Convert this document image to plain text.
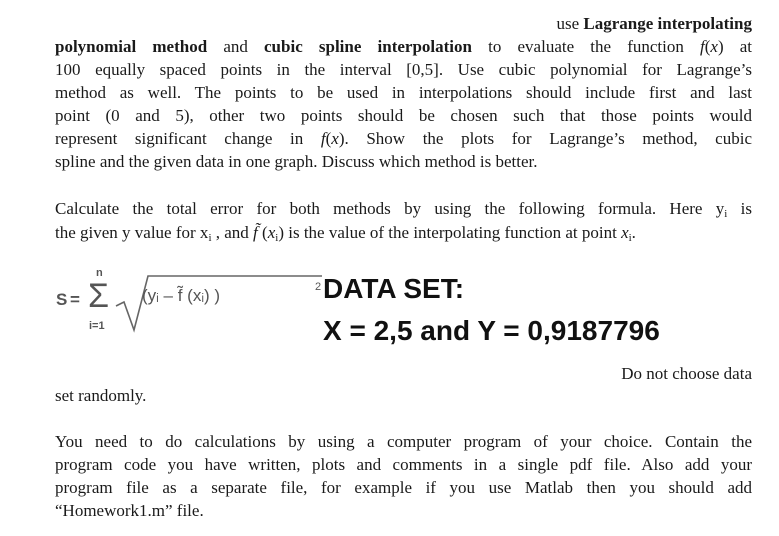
use Lagrange interpolating
polynomial method and cubic spline interpolation to evaluate the function f(x) at
100 equally spaced points in the interval [0,5]. Use cubic polynomial for Lagrange’s
method as well. The points to be used in interpolations should include first and last
point (0 and 5), other two points should be chosen such that those points would
represent significant change in f(x). Show the plots for Lagrange’s method, cubic
spline and the given data in one graph. Discuss which method is better.
Calculate the total error for both methods by using the following formula. Here $y_i$ is
the given y value for $x_i$ , and f̃ $(x_i)$ is the value of the interpolating function at point $x_i$.
S =
n
Σ
i=1
(yᵢ – f̃ (xᵢ) )	2 DATA SET:
X = 2,5 and Y = 0,9187796
Do not choose data
set randomly.
You need to do calculations by using a computer program of your choice. Contain the
program code you have written, plots and comments in a single pdf file. Also add your
program file as a separate file, for example if you use Matlab then you should add
“Homework1.m” file.
